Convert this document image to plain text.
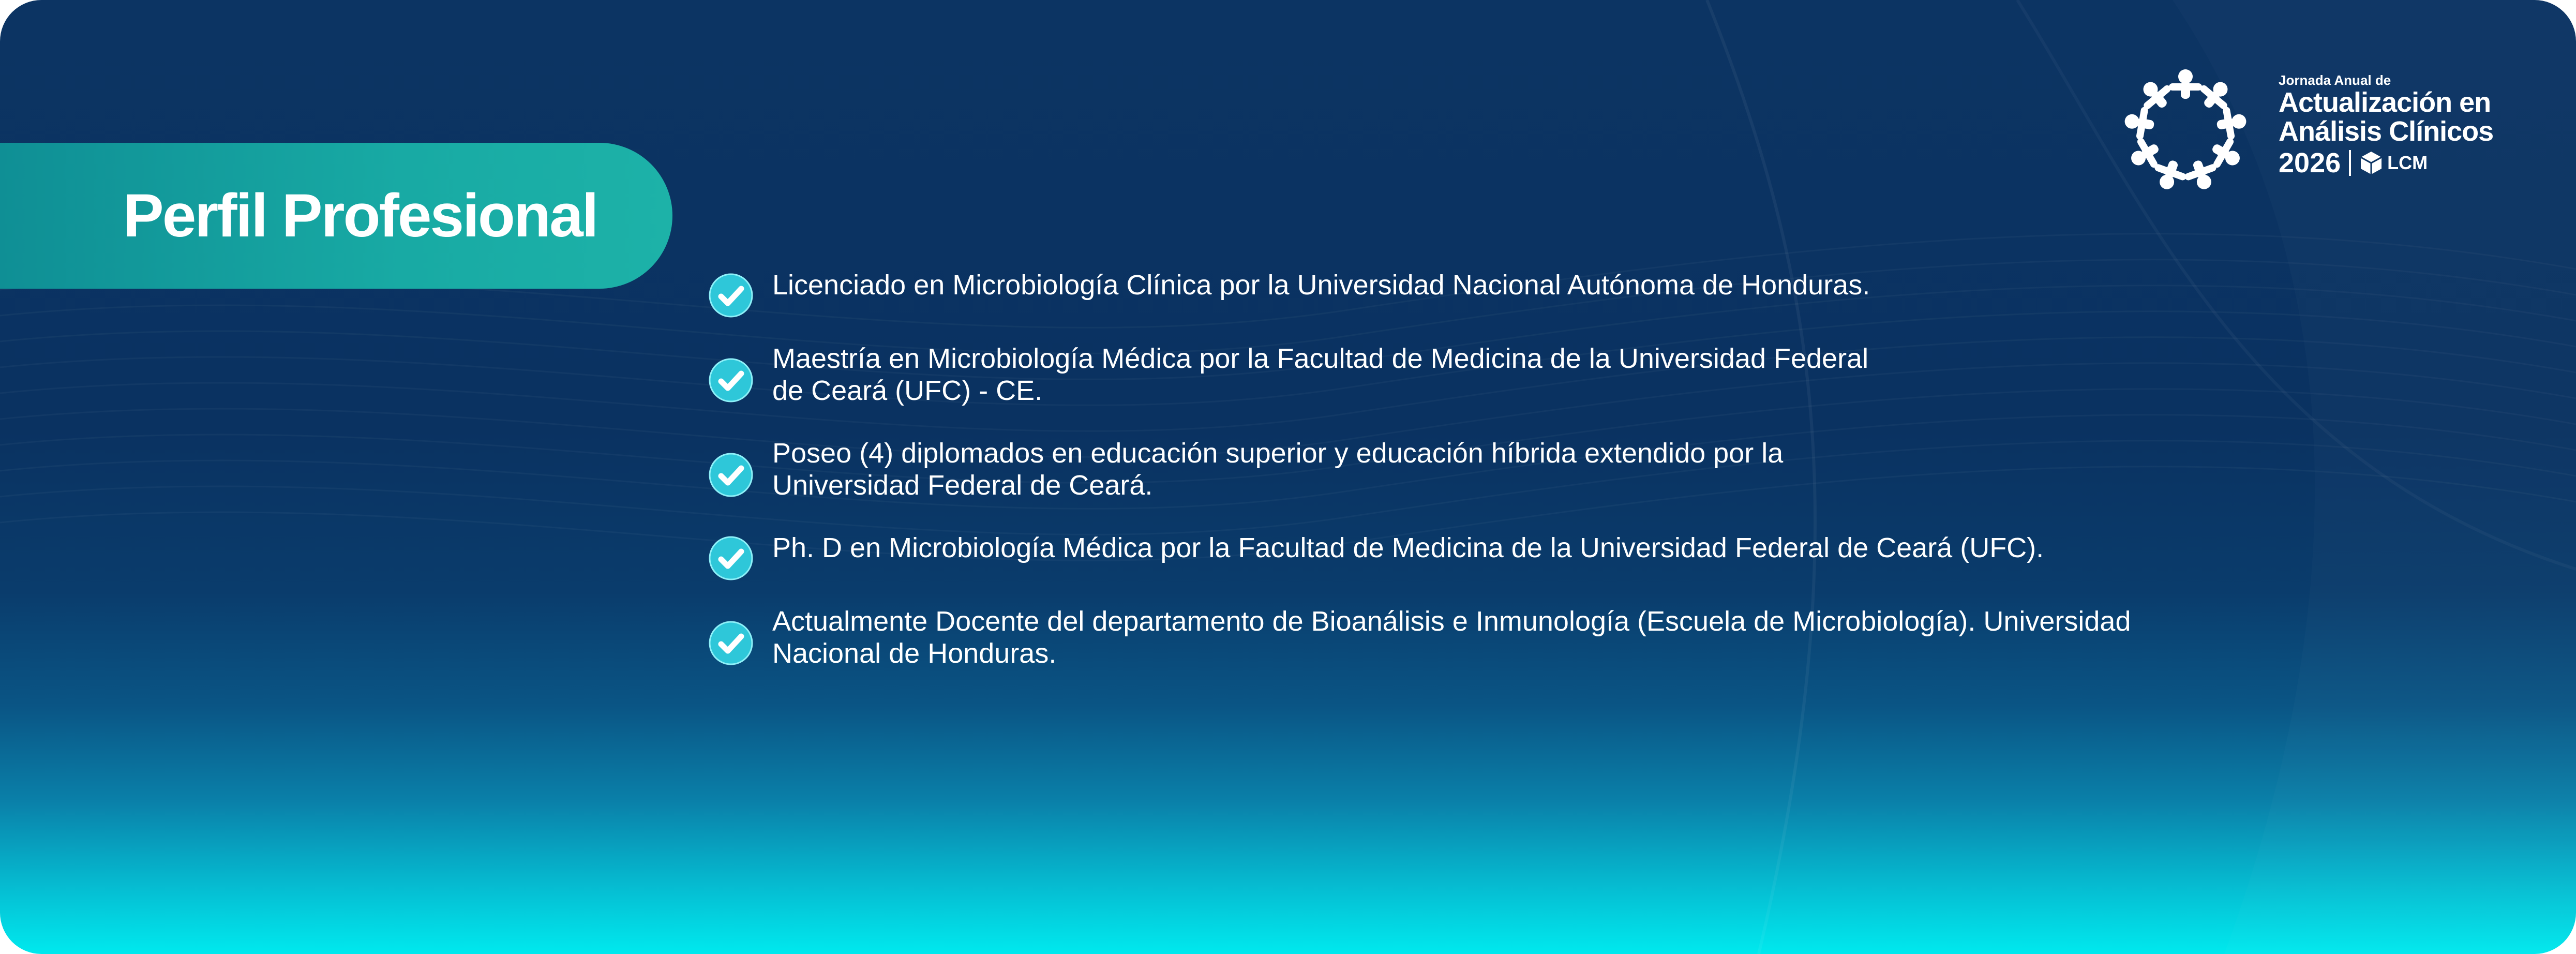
Perfil Profesional
Jornada Anual de
Actualización en
Análisis Clínicos
2026	LCM
Licenciado en Microbiología Clínica por la Universidad Nacional Autónoma de Honduras.
Maestría en Microbiología Médica por la Facultad de Medicina de la Universidad Federal
de Ceará (UFC) - CE.
Poseo (4) diplomados en educación superior y educación híbrida extendido por la
Universidad Federal de Ceará.
Ph. D en Microbiología Médica por la Facultad de Medicina de la Universidad Federal de Ceará (UFC).
Actualmente Docente del departamento de Bioanálisis e Inmunología (Escuela de Microbiología). Universidad
Nacional de Honduras.
